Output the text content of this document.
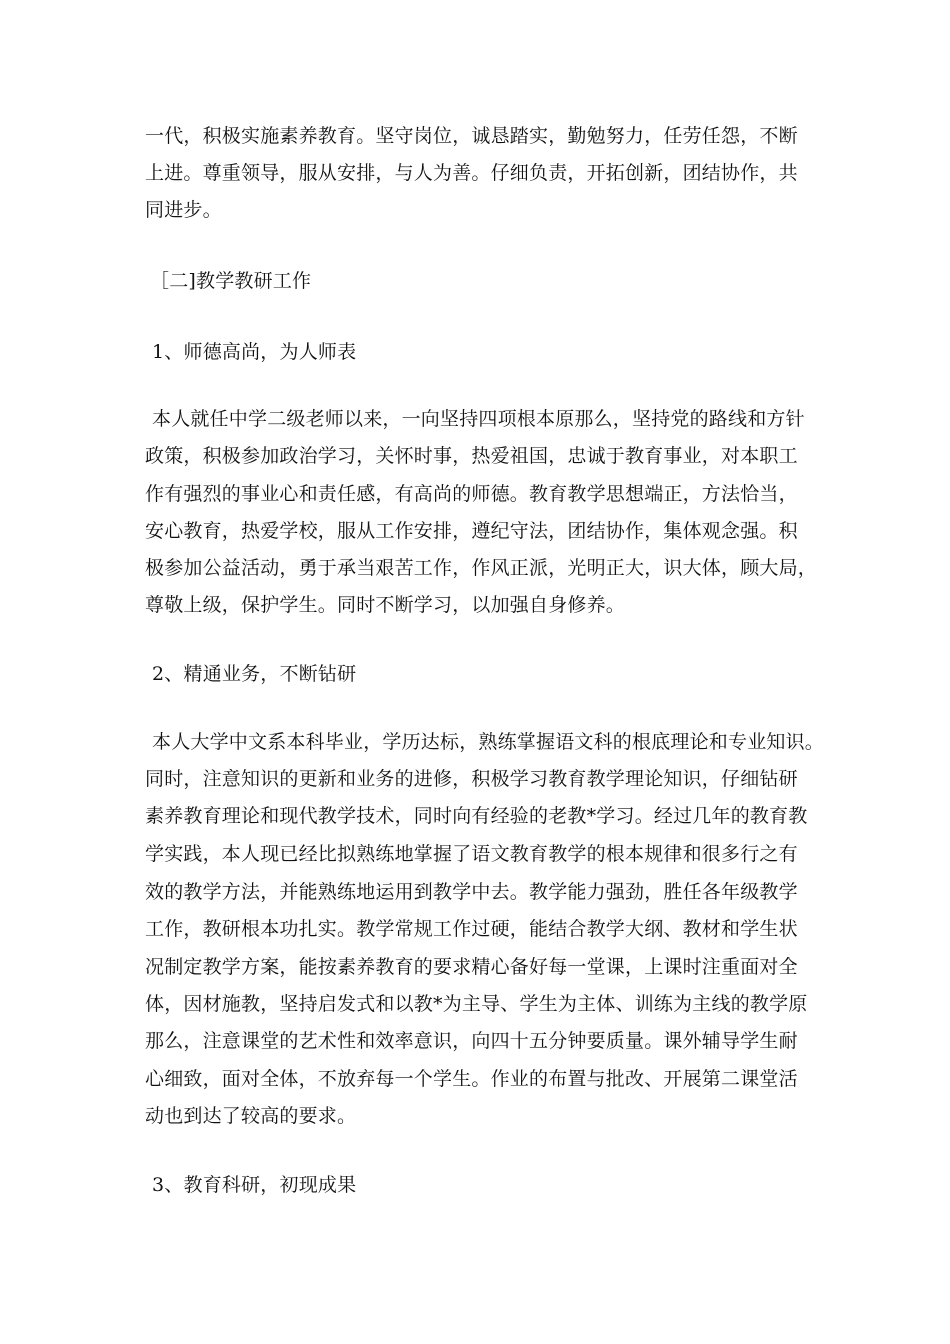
一代，积极实施素养教育。坚守岗位，诚恳踏实，勤勉努力，任劳任怨，不断
上进。尊重领导，服从安排，与人为善。仔细负责，开拓创新，团结协作，共
同进步。
［二]教学教研工作
1、师德高尚，为人师表
本人就任中学二级老师以来，一向坚持四项根本原那么，坚持党的路线和方针
政策，积极参加政治学习，关怀时事，热爱祖国，忠诚于教育事业，对本职工
作有强烈的事业心和责任感，有高尚的师德。教育教学思想端正，方法恰当，
安心教育，热爱学校，服从工作安排，遵纪守法，团结协作，集体观念强。积
极参加公益活动，勇于承当艰苦工作，作风正派，光明正大，识大体，顾大局，
尊敬上级，保护学生。同时不断学习，以加强自身修养。
2、精通业务，不断钻研
本人大学中文系本科毕业，学历达标，熟练掌握语文科的根底理论和专业知识。
同时，注意知识的更新和业务的进修，积极学习教育教学理论知识，仔细钻研
素养教育理论和现代教学技术，同时向有经验的老教*学习。经过几年的教育教
学实践，本人现已经比拟熟练地掌握了语文教育教学的根本规律和很多行之有
效的教学方法，并能熟练地运用到教学中去。教学能力强劲，胜任各年级教学
工作，教研根本功扎实。教学常规工作过硬，能结合教学大纲、教材和学生状
况制定教学方案，能按素养教育的要求精心备好每一堂课，上课时注重面对全
体，因材施教，坚持启发式和以教*为主导、学生为主体、训练为主线的教学原
那么，注意课堂的艺术性和效率意识，向四十五分钟要质量。课外辅导学生耐
心细致，面对全体，不放弃每一个学生。作业的布置与批改、开展第二课堂活
动也到达了较高的要求。
3、教育科研，初现成果
